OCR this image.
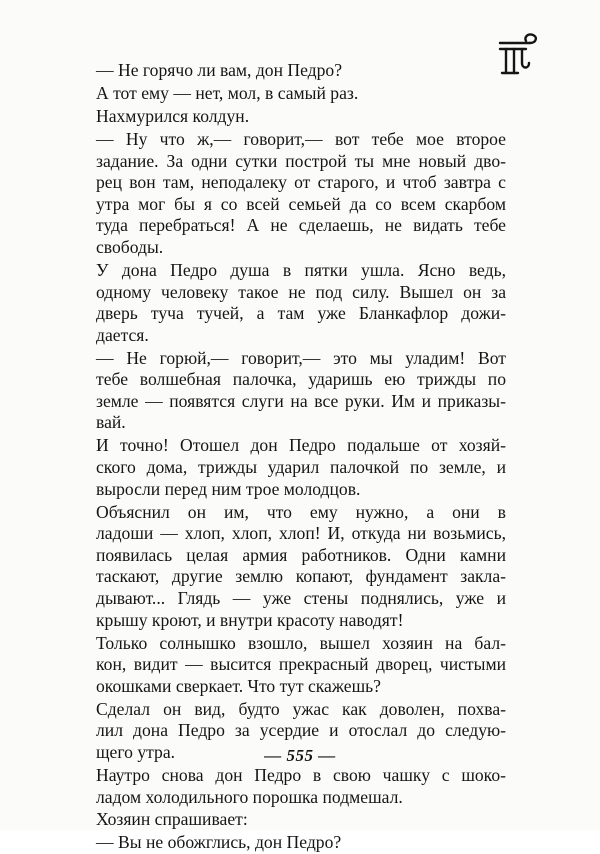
— Не горячо ли вам, дон Педро?
А тот ему — нет, мол, в самый раз.
Нахмурился колдун.
— Ну что ж,— говорит,— вот тебе мое второе
задание. За одни сутки построй ты мне новый дво-
рец вон там, неподалеку от старого, и чтоб завтра с
утра мог бы я со всей семьей да со всем скарбом
туда перебраться! А не сделаешь, не видать тебе
свободы.
У дона Педро душа в пятки ушла. Ясно ведь,
одному человеку такое не под силу. Вышел он за
дверь туча тучей, а там уже Бланкафлор дожи-
дается.
— Не горюй,— говорит,— это мы уладим! Вот
тебе волшебная палочка, ударишь ею трижды по
земле — появятся слуги на все руки. Им и приказы-
вай.
И точно! Отошел дон Педро подальше от хозяй-
ского дома, трижды ударил палочкой по земле, и
выросли перед ним трое молодцов.
Объяснил он им, что ему нужно, а они в
ладоши — хлоп, хлоп, хлоп! И, откуда ни возьмись,
появилась целая армия работников. Одни камни
таскают, другие землю копают, фундамент закла-
дывают... Глядь — уже стены поднялись, уже и
крышу кроют, и внутри красоту наводят!
Только солнышко взошло, вышел хозяин на бал-
кон, видит — высится прекрасный дворец, чистыми
окошками сверкает. Что тут скажешь?
Сделал он вид, будто ужас как доволен, похва-
лил дона Педро за усердие и отослал до следую-
щего утра.
Наутро снова дон Педро в свою чашку с шоко-
ладом холодильного порошка подмешал.
Хозяин спрашивает:
— Вы не обожглись, дон Педро?
— 555 —
